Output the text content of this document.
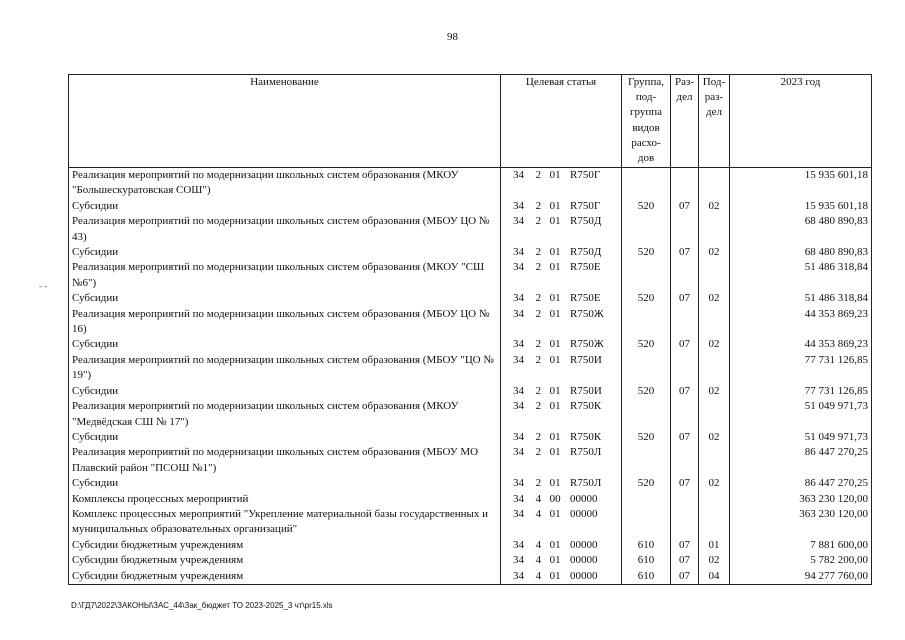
98
- -
Наименование	Целевая статья	Группа, под-группа видов расхо-дов	Раз-дел	Под-раз-дел	2023 год
Реализация мероприятий по модернизации школьных систем образования (МКОУ "Большескуратовская СОШ")	34 2 01 R750Г				15 935 601,18
Субсидии	34 2 01 R750Г	520	07	02	15 935 601,18
Реализация мероприятий по модернизации школьных систем образования (МБОУ ЦО № 43)	34 2 01 R750Д				68 480 890,83
Субсидии	34 2 01 R750Д	520	07	02	68 480 890,83
Реализация мероприятий по модернизации школьных систем образования (МКОУ "СШ №6")	34 2 01 R750Е				51 486 318,84
Субсидии	34 2 01 R750Е	520	07	02	51 486 318,84
Реализация мероприятий по модернизации школьных систем образования (МБОУ ЦО № 16)	34 2 01 R750Ж				44 353 869,23
Субсидии	34 2 01 R750Ж	520	07	02	44 353 869,23
Реализация мероприятий по модернизации школьных систем образования (МБОУ "ЦО № 19")	34 2 01 R750И				77 731 126,85
Субсидии	34 2 01 R750И	520	07	02	77 731 126,85
Реализация мероприятий по модернизации школьных систем образования (МКОУ "Медвёдская СШ № 17")	34 2 01 R750К				51 049 971,73
Субсидии	34 2 01 R750К	520	07	02	51 049 971,73
Реализация мероприятий по модернизации школьных систем образования (МБОУ МО Плавский район "ПСОШ №1")	34 2 01 R750Л				86 447 270,25
Субсидии	34 2 01 R750Л	520	07	02	86 447 270,25
Комплексы процессных мероприятий	34 4 00 00000				363 230 120,00
Комплекс процессных мероприятий "Укрепление материальной базы государственных и муниципальных образовательных организаций"	34 4 01 00000				363 230 120,00
Субсидии бюджетным учреждениям	34 4 01 00000	610	07	01	7 881 600,00
Субсидии бюджетным учреждениям	34 4 01 00000	610	07	02	5 782 200,00
Субсидии бюджетным учреждениям	34 4 01 00000	610	07	04	94 277 760,00
D:\ГД7\2022\ЗАКОНЫ\ЗАС_44\Зак_бюджет ТО 2023-2025_3 чт\pr15.xls
